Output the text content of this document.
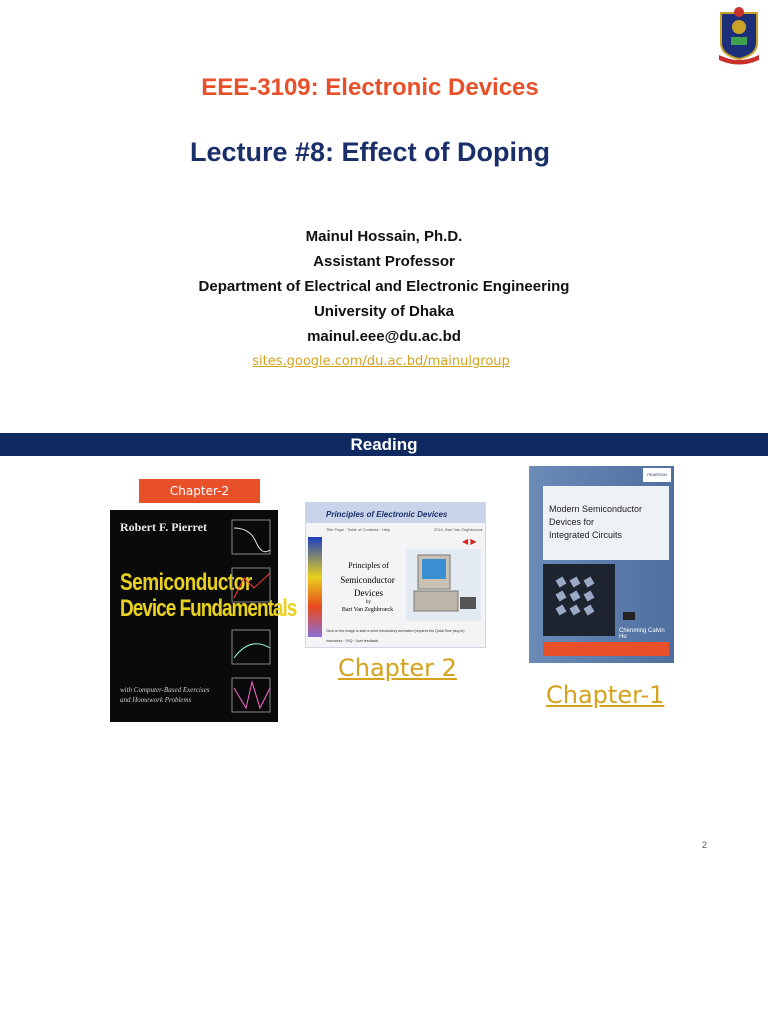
EEE-3109: Electronic Devices
Lecture #8: Effect of Doping
Mainul Hossain, Ph.D.
Assistant Professor
Department of Electrical and Electronic Engineering
University of Dhaka
mainul.eee@du.ac.bd
sites.google.com/du.ac.bd/mainulgroup
Reading
Chapter-2
Robert F. Pierret
Semiconductor
Device Fundamentals
with Computer-Based Exercises
and Homework Problems
Principles of Electronic Devices
Title Page · Table of Contents · Help	2010, Bart Van Zeghbroeck
Principles of
Semiconductor
Devices
by
Bart Van Zeghbroeck
◀ ▶
Click on the image to start a short introductory animation (requires the QuickTime plug-in)
Instructors · FAQ · User feedback
Chapter 2
PEARSON
Modern Semiconductor
Devices for
Integrated Circuits
Chenming Calvin Hu
Chapter-1
2
